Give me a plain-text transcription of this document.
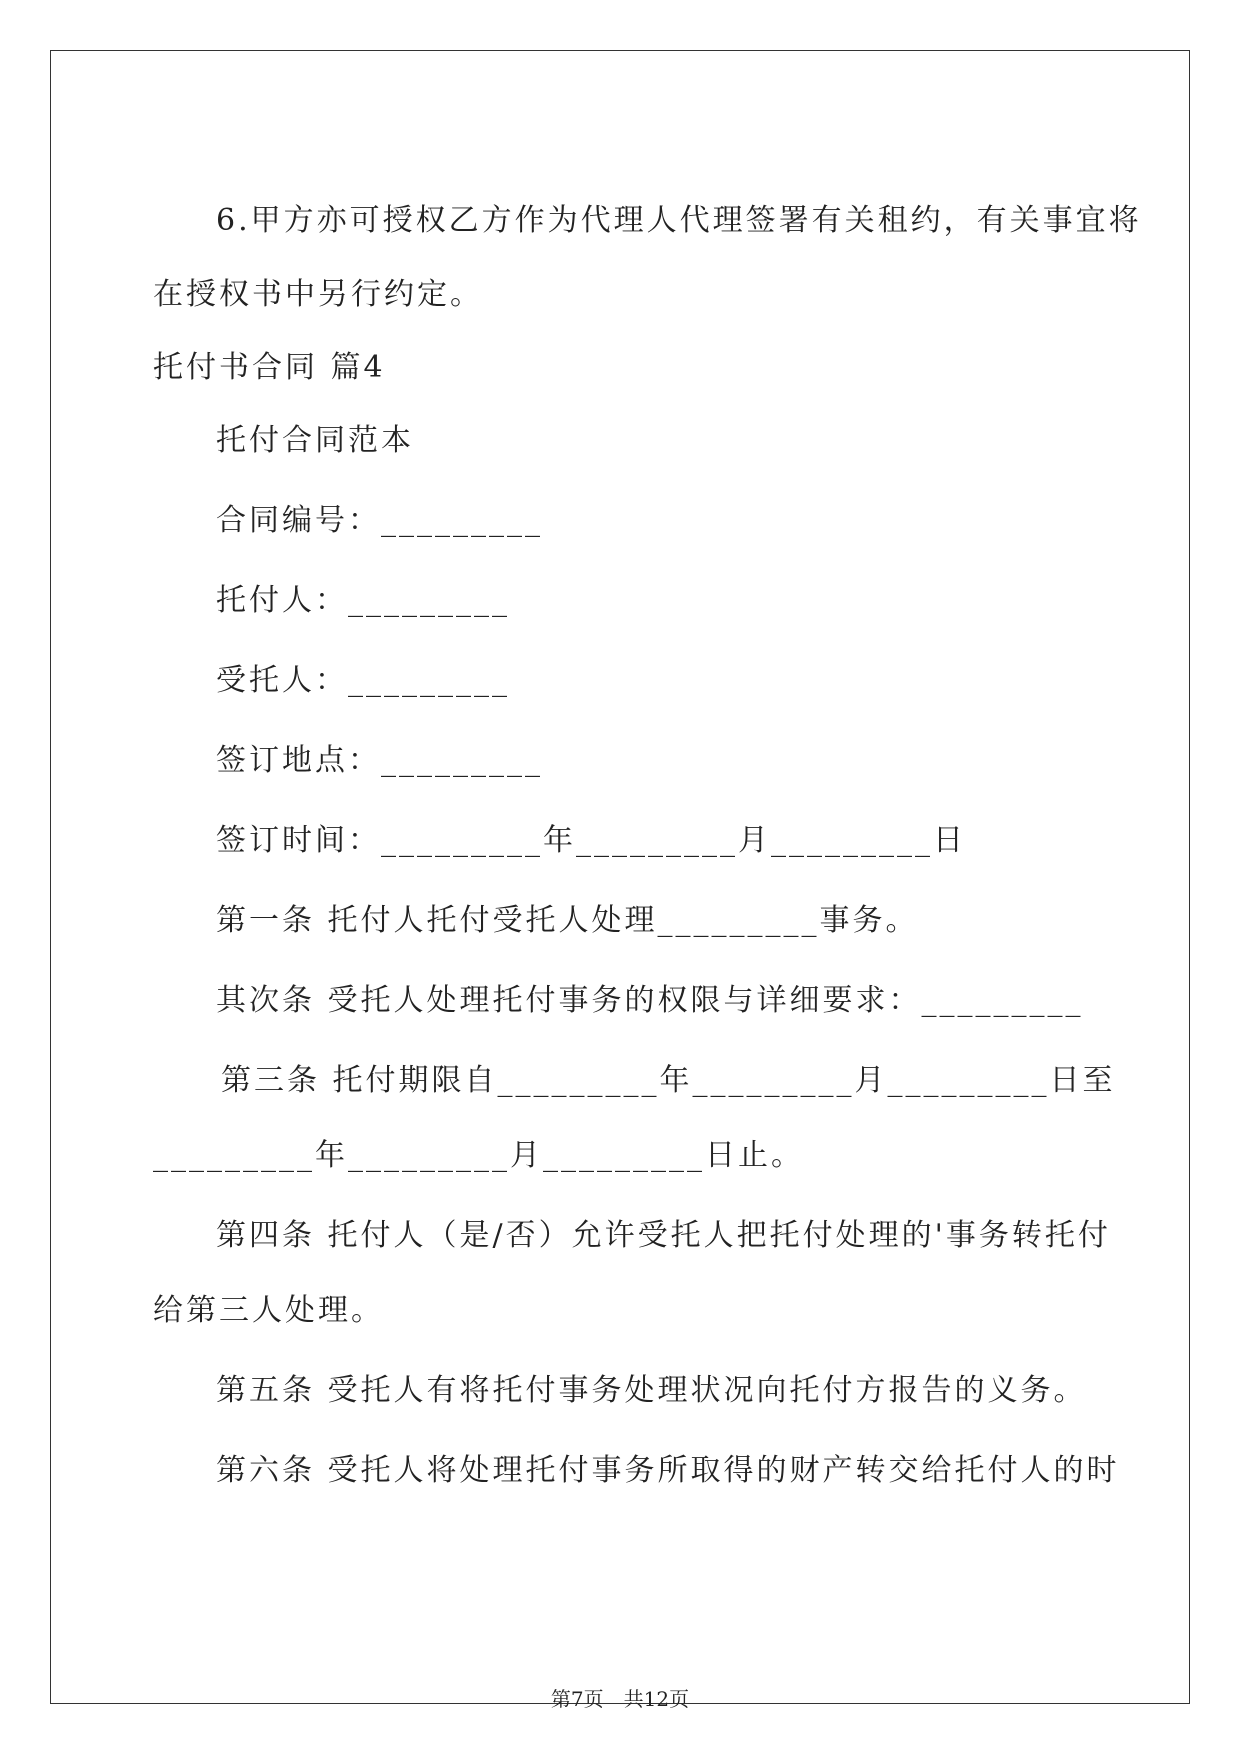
6.甲方亦可授权乙方作为代理人代理签署有关租约，有关事宜将
在授权书中另行约定。
托付书合同 篇4
托付合同范本
合同编号：_________
托付人：_________
受托人：_________
签订地点：_________
签订时间：_________年_________月_________日
第一条 托付人托付受托人处理_________事务。
其次条 受托人处理托付事务的权限与详细要求：_________
第三条 托付期限自_________年_________月_________日至
_________年_________月_________日止。
第四条 托付人（是/否）允许受托人把托付处理的'事务转托付
给第三人处理。
第五条 受托人有将托付事务处理状况向托付方报告的义务。
第六条 受托人将处理托付事务所取得的财产转交给托付人的时
第7页　共12页
